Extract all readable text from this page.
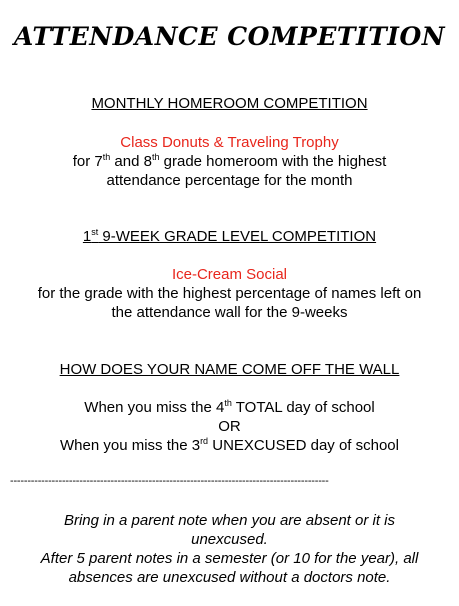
ATTENDANCE COMPETITION
MONTHLY HOMEROOM COMPETITION
Class Donuts & Traveling Trophy
for 7th and 8th grade homeroom with the highest
attendance percentage for the month
1st 9-WEEK GRADE LEVEL COMPETITION
Ice-Cream Social
for the grade with the highest percentage of names left on
the attendance wall for the 9-weeks
HOW DOES YOUR NAME COME OFF THE WALL
When you miss the 4th TOTAL day of school
OR
When you miss the 3rd UNEXCUSED day of school
--------------------------------------------------------------------------------------------
Bring in a parent note when you are absent or it is
unexcused.
After 5 parent notes in a semester (or 10 for the year), all
absences are unexcused without a doctors note.
